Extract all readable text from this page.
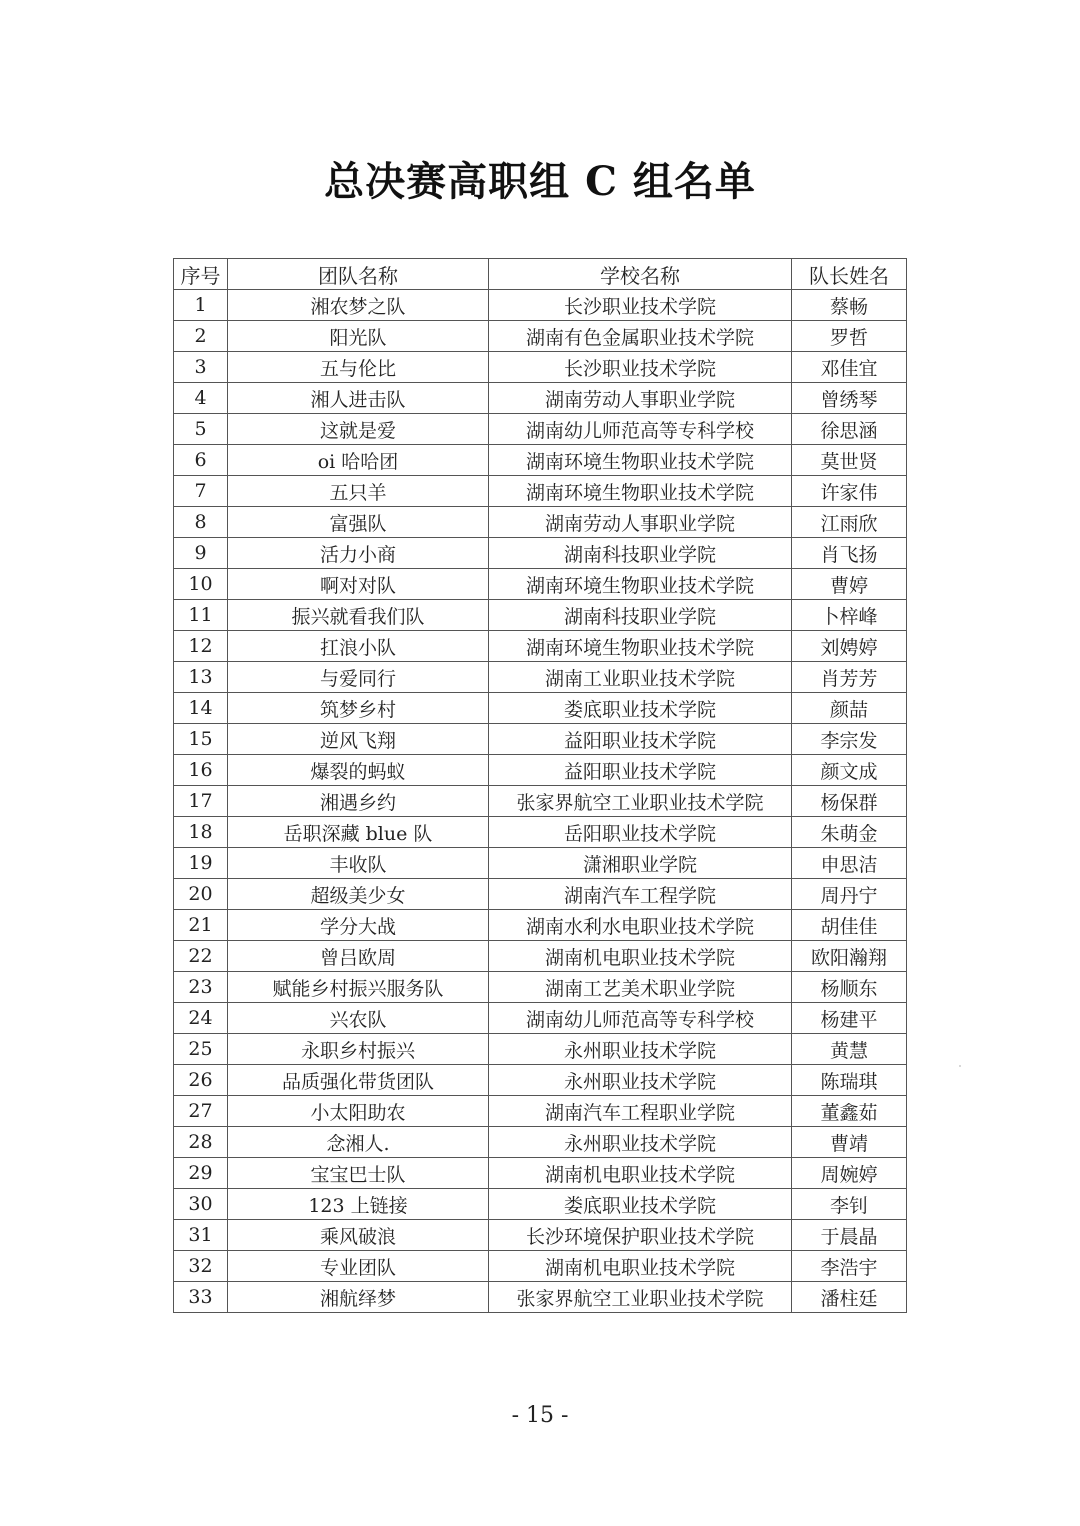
总决赛高职组 C 组名单
序号	团队名称	学校名称	队长姓名
1	湘农梦之队	长沙职业技术学院	蔡畅
2	阳光队	湖南有色金属职业技术学院	罗哲
3	五与伦比	长沙职业技术学院	邓佳宜
4	湘人进击队	湖南劳动人事职业学院	曾绣琴
5	这就是爱	湖南幼儿师范高等专科学校	徐思涵
6	oi 哈哈团	湖南环境生物职业技术学院	莫世贤
7	五只羊	湖南环境生物职业技术学院	许家伟
8	富强队	湖南劳动人事职业学院	江雨欣
9	活力小商	湖南科技职业学院	肖飞扬
10	啊对对队	湖南环境生物职业技术学院	曹婷
11	振兴就看我们队	湖南科技职业学院	卜梓峰
12	扛浪小队	湖南环境生物职业技术学院	刘娉婷
13	与爱同行	湖南工业职业技术学院	肖芳芳
14	筑梦乡村	娄底职业技术学院	颜喆
15	逆风飞翔	益阳职业技术学院	李宗发
16	爆裂的蚂蚁	益阳职业技术学院	颜文成
17	湘遇乡约	张家界航空工业职业技术学院	杨保群
18	岳职深藏 blue 队	岳阳职业技术学院	朱萌金
19	丰收队	潇湘职业学院	申思洁
20	超级美少女	湖南汽车工程学院	周丹宁
21	学分大战	湖南水利水电职业技术学院	胡佳佳
22	曾吕欧周	湖南机电职业技术学院	欧阳瀚翔
23	赋能乡村振兴服务队	湖南工艺美术职业学院	杨顺东
24	兴农队	湖南幼儿师范高等专科学校	杨建平
25	永职乡村振兴	永州职业技术学院	黄慧
26	品质强化带货团队	永州职业技术学院	陈瑞琪
27	小太阳助农	湖南汽车工程职业学院	董鑫茹
28	念湘人.	永州职业技术学院	曹靖
29	宝宝巴士队	湖南机电职业技术学院	周婉婷
30	123 上链接	娄底职业技术学院	李钊
31	乘风破浪	长沙环境保护职业技术学院	于晨晶
32	专业团队	湖南机电职业技术学院	李浩宇
33	湘航绎梦	张家界航空工业职业技术学院	潘柱廷
- 15 -
